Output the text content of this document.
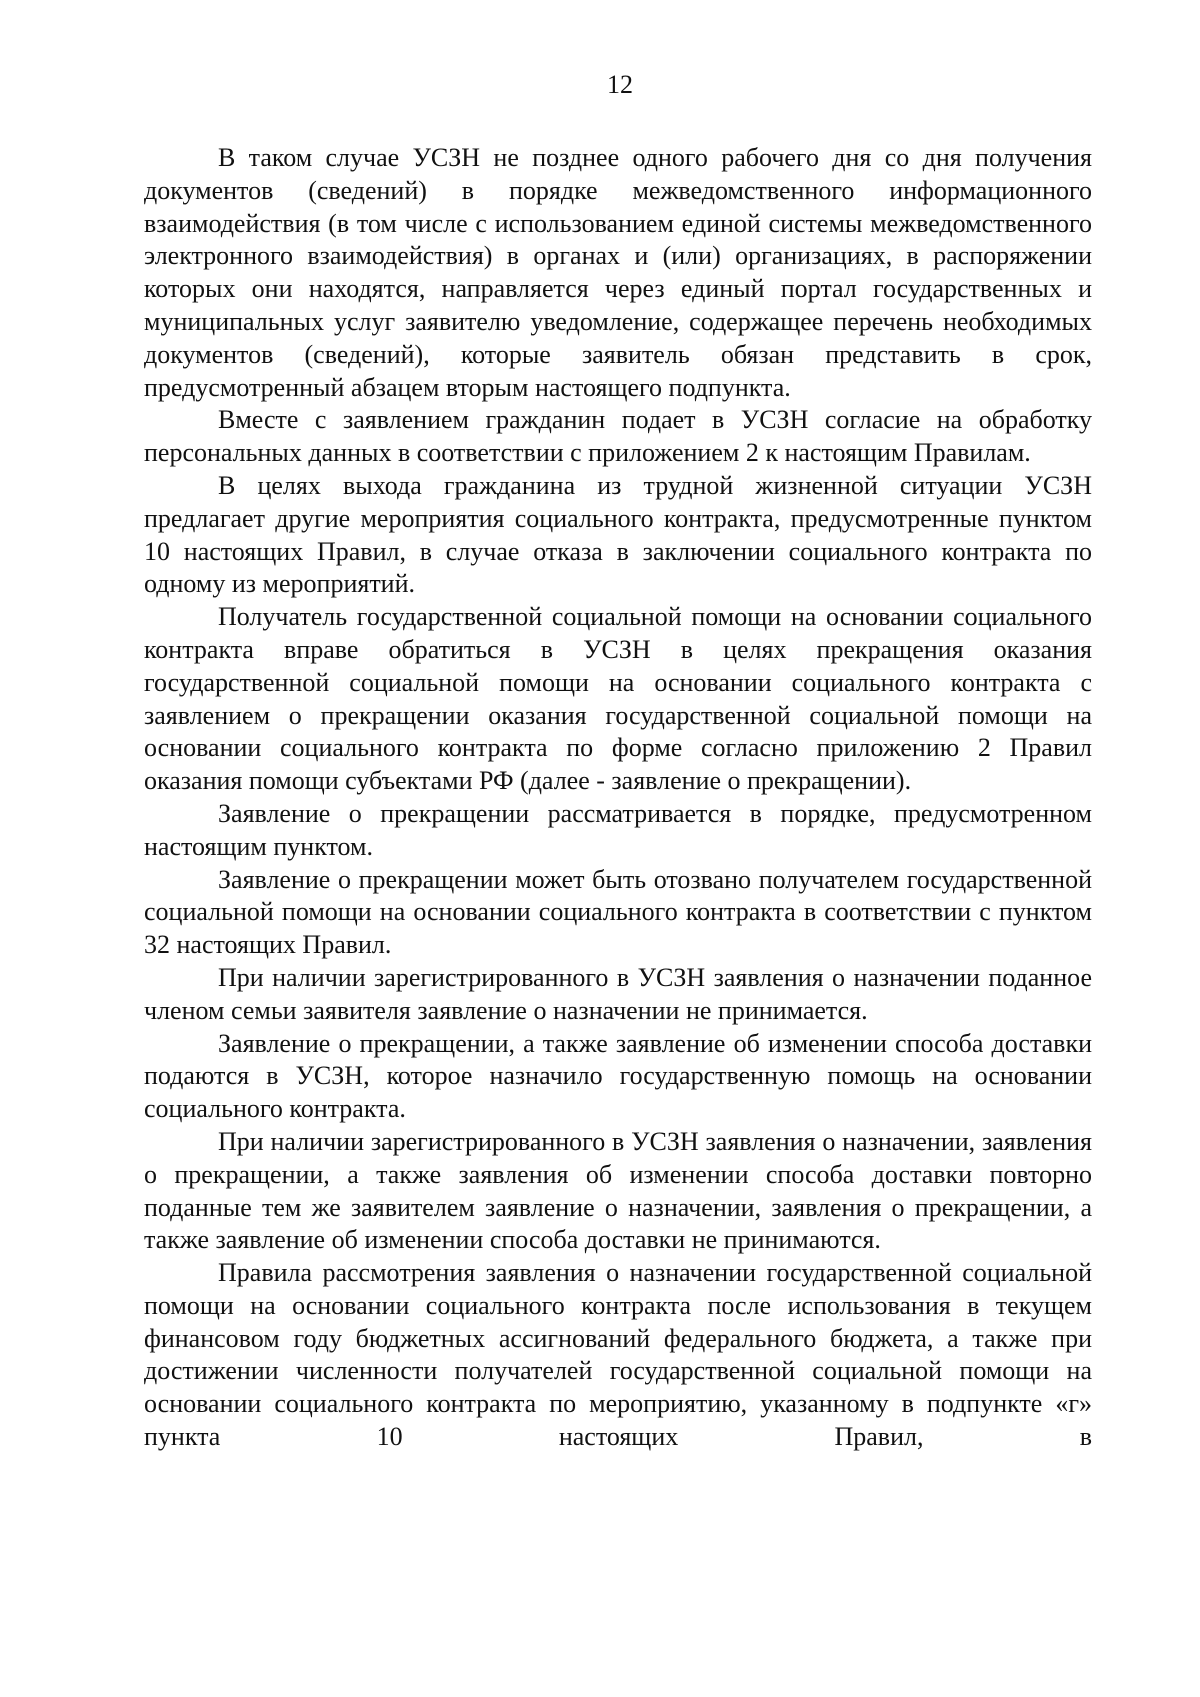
12

В таком случае УСЗН не позднее одного рабочего дня со дня получения документов (сведений) в порядке межведомственного информационного взаимодействия (в том числе с использованием единой системы межведомственного электронного взаимодействия) в органах и (или) организациях, в распоряжении которых они находятся, направляется через единый портал государственных и муниципальных услуг заявителю уведомление, содержащее перечень необходимых документов (сведений), которые заявитель обязан представить в срок, предусмотренный абзацем вторым настоящего подпункта.

Вместе с заявлением гражданин подает в УСЗН согласие на обработку персональных данных в соответствии с приложением 2 к настоящим Правилам.

В целях выхода гражданина из трудной жизненной ситуации УСЗН предлагает другие мероприятия социального контракта, предусмотренные пунктом 10 настоящих Правил, в случае отказа в заключении социального контракта по одному из мероприятий.

Получатель государственной социальной помощи на основании социального контракта вправе обратиться в УСЗН в целях прекращения оказания государственной социальной помощи на основании социального контракта с заявлением о прекращении оказания государственной социальной помощи на основании социального контракта по форме согласно приложению 2 Правил оказания помощи субъектами РФ (далее - заявление о прекращении).

Заявление о прекращении рассматривается в порядке, предусмотренном настоящим пунктом.

Заявление о прекращении может быть отозвано получателем государственной социальной помощи на основании социального контракта в соответствии с пунктом 32 настоящих Правил.

При наличии зарегистрированного в УСЗН заявления о назначении поданное членом семьи заявителя заявление о назначении не принимается.

Заявление о прекращении, а также заявление об изменении способа доставки подаются в УСЗН, которое назначило государственную помощь на основании социального контракта.

При наличии зарегистрированного в УСЗН заявления о назначении, заявления о прекращении, а также заявления об изменении способа доставки повторно поданные тем же заявителем заявление о назначении, заявления о прекращении, а также заявление об изменении способа доставки не принимаются.

Правила рассмотрения заявления о назначении государственной социальной помощи на основании социального контракта после использования в текущем финансовом году бюджетных ассигнований федерального бюджета, а также при достижении численности получателей государственной социальной помощи на основании социального контракта по мероприятию, указанному в подпункте «г» пункта 10 настоящих Правил, в
